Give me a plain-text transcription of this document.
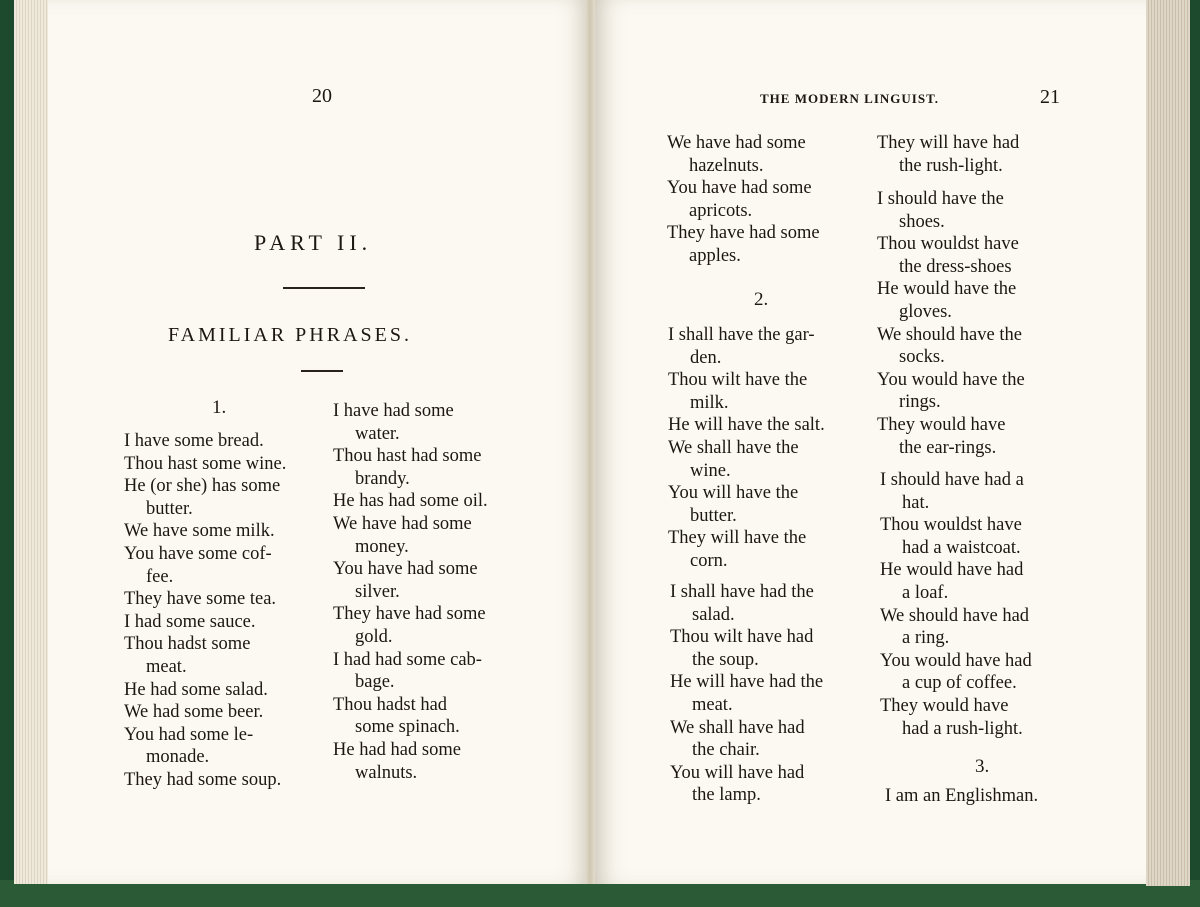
20
PART II.
FAMILIAR PHRASES.
1.
I have some bread.
Thou hast some wine.
He (or she) has some
butter.
We have some milk.
You have some cof-
fee.
They have some tea.
I had some sauce.
Thou hadst some
meat.
He had some salad.
We had some beer.
You had some le-
monade.
They had some soup.
I have had some
water.
Thou hast had some
brandy.
He has had some oil.
We have had some
money.
You have had some
silver.
They have had some
gold.
I had had some cab-
bage.
Thou hadst had
some spinach.
He had had some
walnuts.
THE MODERN LINGUIST.	21
We have had some
hazelnuts.
You have had some
apricots.
They have had some
apples.
2.
I shall have the gar-
den.
Thou wilt have the
milk.
He will have the salt.
We shall have the
wine.
You will have the
butter.
They will have the
corn.
I shall have had the
salad.
Thou wilt have had
the soup.
He will have had the
meat.
We shall have had
the chair.
You will have had
the lamp.
They will have had
the rush-light.
I should have the
shoes.
Thou wouldst have
the dress-shoes
He would have the
gloves.
We should have the
socks.
You would have the
rings.
They would have
the ear-rings.
I should have had a
hat.
Thou wouldst have
had a waistcoat.
He would have had
a loaf.
We should have had
a ring.
You would have had
a cup of coffee.
They would have
had a rush-light.
3.
I am an Englishman.
